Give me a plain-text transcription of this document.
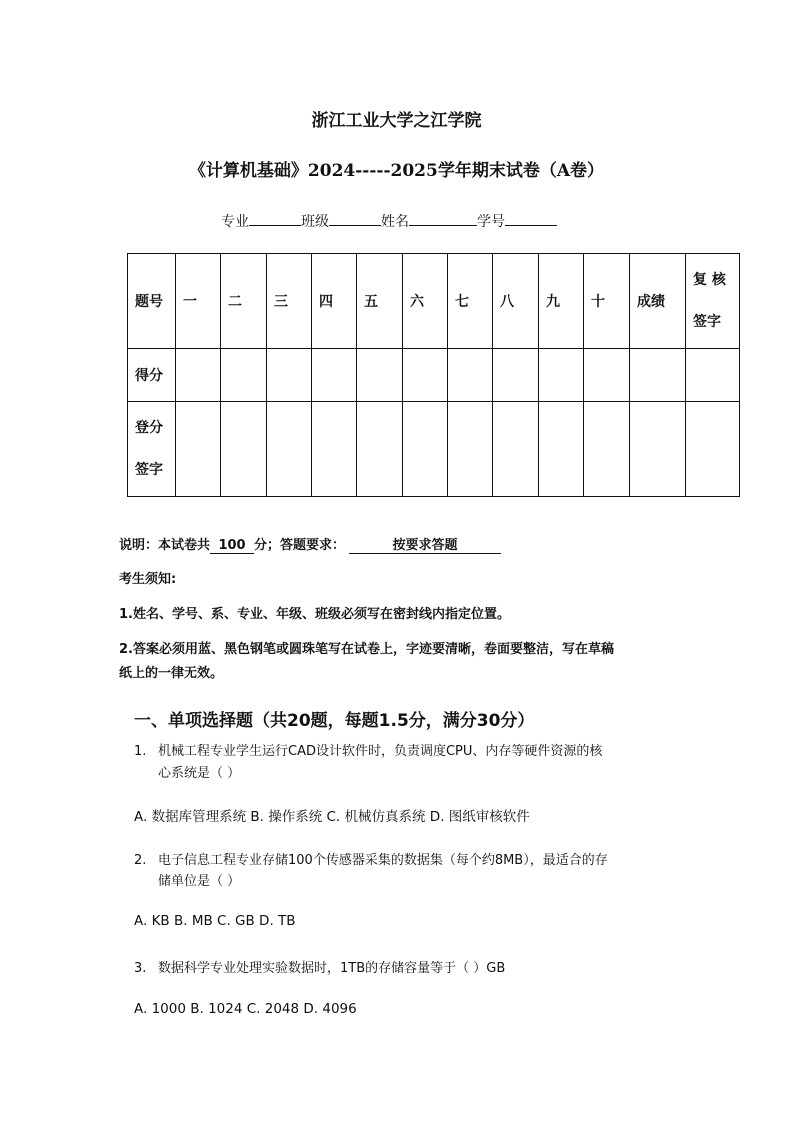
浙江工业大学之江学院
《计算机基础》2024-----2025学年期末试卷（A卷）
专业	班级	姓名	学号
题号	一	二	三	四	五	六	七	八	九	十	成绩	复 核
签字
得分												
登分
签字												
说明：本试卷共 100 分；答题要求：	按要求答题
考生须知:
1.姓名、学号、系、专业、年级、班级必须写在密封线内指定位置。
2.答案必须用蓝、黑色钢笔或圆珠笔写在试卷上，字迹要清晰，卷面要整洁，写在草稿
纸上的一律无效。
一、单项选择题（共20题，每题1.5分，满分30分）
1. 机械工程专业学生运行CAD设计软件时，负责调度CPU、内存等硬件资源的核
心系统是（ ）
A. 数据库管理系统 B. 操作系统 C. 机械仿真系统 D. 图纸审核软件
2. 电子信息工程专业存储100个传感器采集的数据集（每个约8MB），最适合的存
储单位是（ ）
A. KB B. MB C. GB D. TB
3. 数据科学专业处理实验数据时，1TB的存储容量等于（ ）GB
A. 1000 B. 1024 C. 2048 D. 4096
